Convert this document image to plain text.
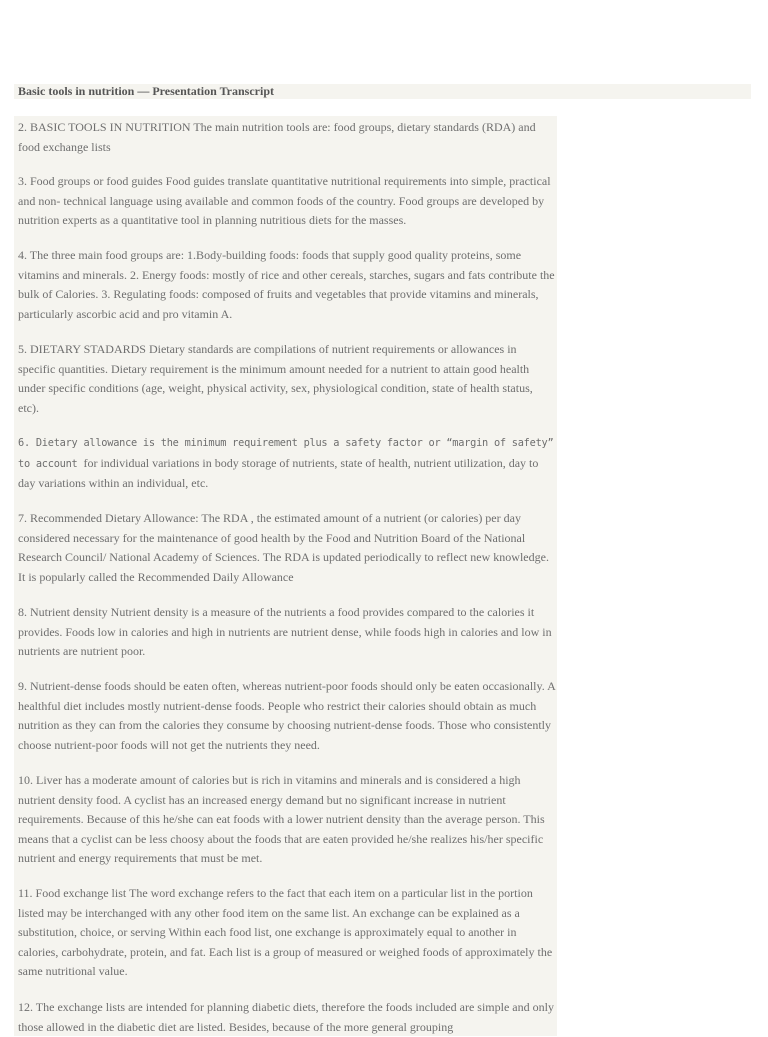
Basic tools in nutrition — Presentation Transcript

2. BASIC TOOLS IN NUTRITION The main nutrition tools are: food groups, dietary standards (RDA) and food exchange lists

3. Food groups or food guides Food guides translate quantitative nutritional requirements into simple, practical and non- technical language using available and common foods of the country. Food groups are developed by nutrition experts as a quantitative tool in planning nutritious diets for the masses.

4. The three main food groups are: 1.Body-building foods: foods that supply good quality proteins, some vitamins and minerals. 2. Energy foods: mostly of rice and other cereals, starches, sugars and fats contribute the bulk of Calories. 3. Regulating foods: composed of fruits and vegetables that provide vitamins and minerals, particularly ascorbic acid and pro vitamin A.

5. DIETARY STADARDS Dietary standards are compilations of nutrient requirements or allowances in specific quantities. Dietary requirement is the minimum amount needed for a nutrient to attain good health under specific conditions (age, weight, physical activity, sex, physiological condition, state of health status, etc).

6. Dietary allowance is the minimum requirement plus a safety factor or “margin of safety” to account for individual variations in body storage of nutrients, state of health, nutrient utilization, day to day variations within an individual, etc.

7. Recommended Dietary Allowance: The RDA , the estimated amount of a nutrient (or calories) per day considered necessary for the maintenance of good health by the Food and Nutrition Board of the National Research Council/ National Academy of Sciences. The RDA is updated periodically to reflect new knowledge. It is popularly called the Recommended Daily Allowance

8. Nutrient density Nutrient density is a measure of the nutrients a food provides compared to the calories it provides. Foods low in calories and high in nutrients are nutrient dense, while foods high in calories and low in nutrients are nutrient poor.

9. Nutrient-dense foods should be eaten often, whereas nutrient-poor foods should only be eaten occasionally. A healthful diet includes mostly nutrient-dense foods. People who restrict their calories should obtain as much nutrition as they can from the calories they consume by choosing nutrient-dense foods. Those who consistently choose nutrient-poor foods will not get the nutrients they need.

10. Liver has a moderate amount of calories but is rich in vitamins and minerals and is considered a high nutrient density food. A cyclist has an increased energy demand but no significant increase in nutrient requirements. Because of this he/she can eat foods with a lower nutrient density than the average person. This means that a cyclist can be less choosy about the foods that are eaten provided he/she realizes his/her specific nutrient and energy requirements that must be met.

11. Food exchange list The word exchange refers to the fact that each item on a particular list in the portion listed may be interchanged with any other food item on the same list. An exchange can be explained as a substitution, choice, or serving Within each food list, one exchange is approximately equal to another in calories, carbohydrate, protein, and fat. Each list is a group of measured or weighed foods of approximately the same nutritional value.

12. The exchange lists are intended for planning diabetic diets, therefore the foods included are simple and only those allowed in the diabetic diet are listed. Besides, because of the more general grouping
